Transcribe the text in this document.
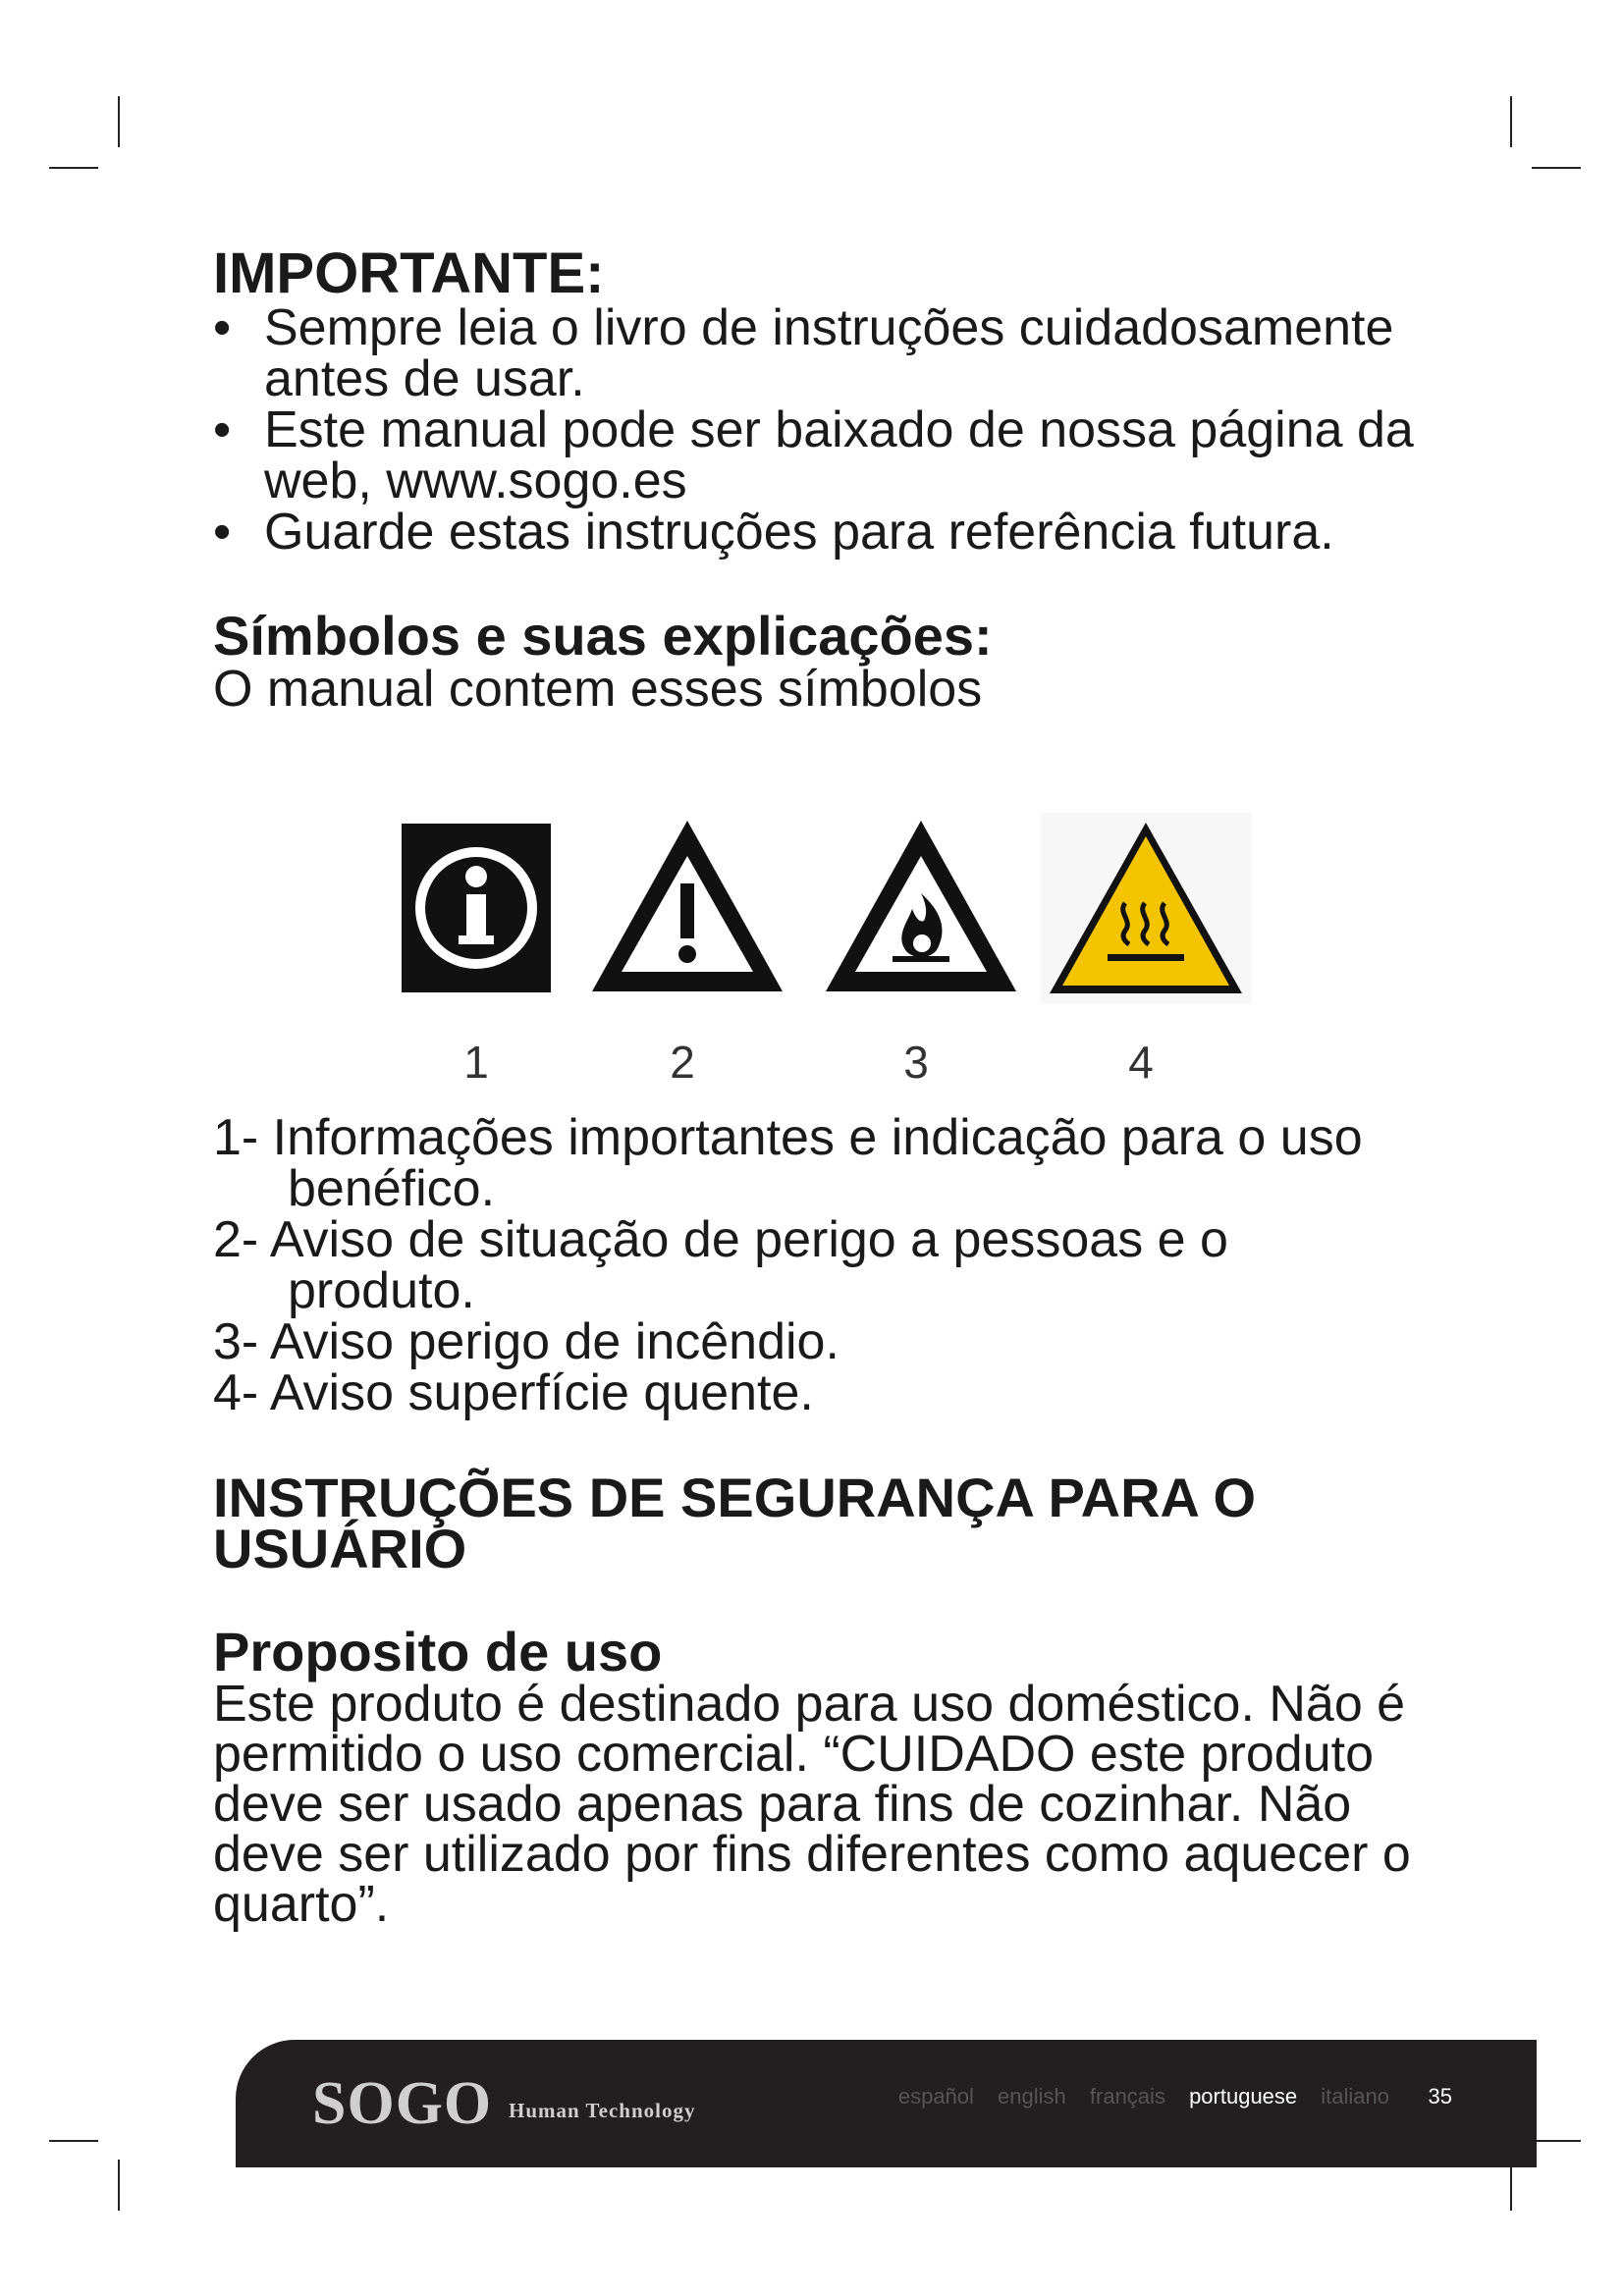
IMPORTANTE:
• Sempre leia o livro de instruções cuidadosamente antes de usar.
• Este manual pode ser baixado de nossa página da web, www.sogo.es
• Guarde estas instruções para referência futura.
Símbolos e suas explicações:

O manual contem esses símbolos

1	2	3	4
1- Informações importantes e indicação para o uso benéfico.
2- Aviso de situação de perigo a pessoas e o produto.
3- Aviso perigo de incêndio.
4- Aviso superfície quente.
INSTRUÇÕES DE SEGURANÇA PARA O USUÁRIO
Proposito de uso

Este produto é destinado para uso doméstico. Não é permitido o uso comercial. “CUIDADO este produto deve ser usado apenas para fins de cozinhar. Não deve ser utilizado por fins diferentes como aquecer o quarto”.

SOGO Human Technology
español english français portuguese italiano 35
